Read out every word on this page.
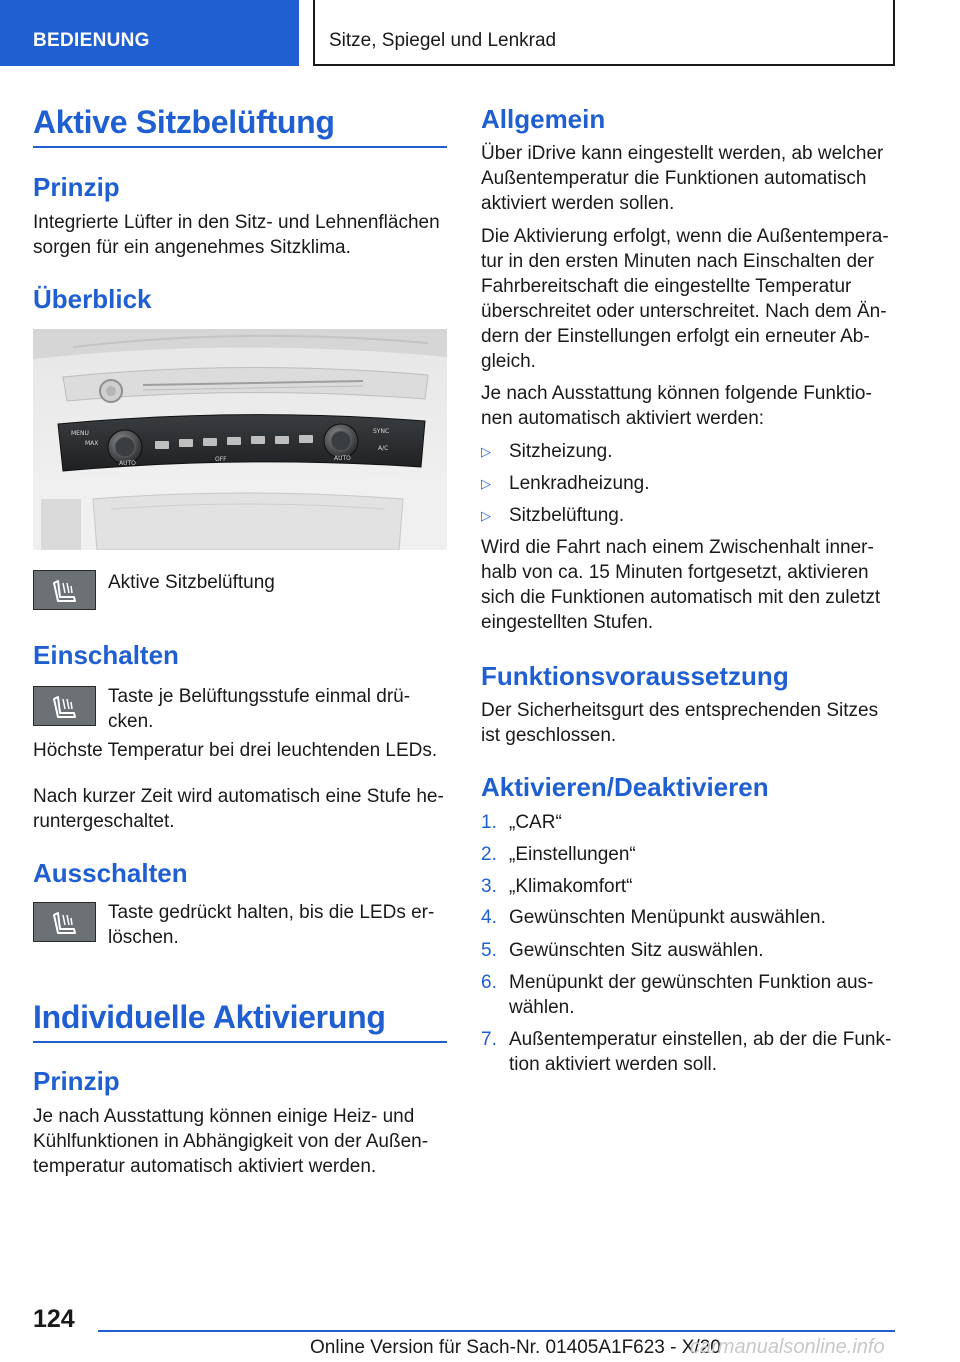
BEDIENUNG	Sitze, Spiegel und Lenkrad
Aktive Sitzbelüftung
Prinzip
Integrierte Lüfter in den Sitz- und Lehnenflächen
sorgen für ein angenehmes Sitzklima.
Überblick
MENU
MAX
SYNC
AUTO
OFF	AUTO
A/C
Aktive Sitzbelüftung
Einschalten
Taste je Belüftungsstufe einmal drü-
cken.
Höchste Temperatur bei drei leuchtenden LEDs.
Nach kurzer Zeit wird automatisch eine Stufe he-
runtergeschaltet.
Ausschalten
Taste gedrückt halten, bis die LEDs er-
löschen.
Individuelle Aktivierung
Prinzip
Je nach Ausstattung können einige Heiz- und
Kühlfunktionen in Abhängigkeit von der Außen-
temperatur automatisch aktiviert werden.
Allgemein
Über iDrive kann eingestellt werden, ab welcher
Außentemperatur die Funktionen automatisch
aktiviert werden sollen.
Die Aktivierung erfolgt, wenn die Außentempera-
tur in den ersten Minuten nach Einschalten der
Fahrbereitschaft die eingestellte Temperatur
überschreitet oder unterschreitet. Nach dem Än-
dern der Einstellungen erfolgt ein erneuter Ab-
gleich.
Je nach Ausstattung können folgende Funktio-
nen automatisch aktiviert werden:
▷ Sitzheizung.
▷ Lenkradheizung.
▷ Sitzbelüftung.
Wird die Fahrt nach einem Zwischenhalt inner-
halb von ca. 15 Minuten fortgesetzt, aktivieren
sich die Funktionen automatisch mit den zuletzt
eingestellten Stufen.
Funktionsvoraussetzung
Der Sicherheitsgurt des entsprechenden Sitzes
ist geschlossen.
Aktivieren/Deaktivieren
1. „CAR“
2. „Einstellungen“
3. „Klimakomfort“
4. Gewünschten Menüpunkt auswählen.
5. Gewünschten Sitz auswählen.
6. Menüpunkt der gewünschten Funktion aus-
wählen.
7. Außentemperatur einstellen, ab der die Funk-
tion aktiviert werden soll.
124
Online Version für Sach-Nr. 01405A1F623 - X/20
carmanualsonline.info
